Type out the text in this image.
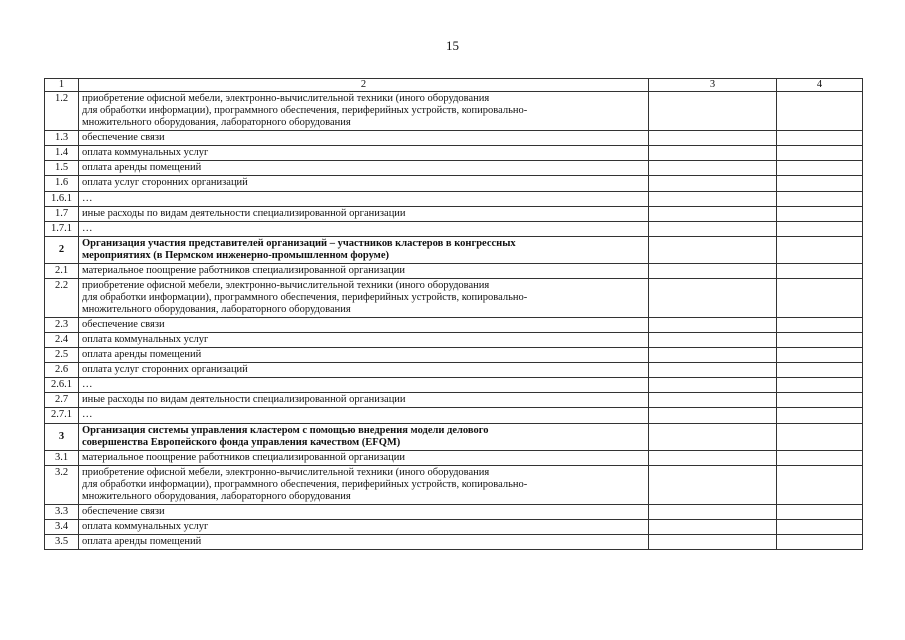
15
1	2	3	4
1.2	приобретение офисной мебели, электронно-вычислительной техники (иного оборудования
для обработки информации), программного обеспечения, периферийных устройств, копировально-
множительного оборудования, лабораторного оборудования		
1.3	обеспечение связи		
1.4	оплата коммунальных услуг		
1.5	оплата аренды помещений		
1.6	оплата услуг сторонних организаций		
1.6.1	…		
1.7	иные расходы по видам деятельности специализированной организации		
1.7.1	…		
2	Организация участия представителей организаций – участников кластеров в конгрессных
мероприятиях (в Пермском инженерно-промышленном форуме)		
2.1	материальное поощрение работников специализированной организации		
2.2	приобретение офисной мебели, электронно-вычислительной техники (иного оборудования
для обработки информации), программного обеспечения, периферийных устройств, копировально-
множительного оборудования, лабораторного оборудования		
2.3	обеспечение связи		
2.4	оплата коммунальных услуг		
2.5	оплата аренды помещений		
2.6	оплата услуг сторонних организаций		
2.6.1	…		
2.7	иные расходы по видам деятельности специализированной организации		
2.7.1	…		
3	Организация системы управления кластером с помощью внедрения модели делового
совершенства Европейского фонда управления качеством (EFQM)		
3.1	материальное поощрение работников специализированной организации		
3.2	приобретение офисной мебели, электронно-вычислительной техники (иного оборудования
для обработки информации), программного обеспечения, периферийных устройств, копировально-
множительного оборудования, лабораторного оборудования		
3.3	обеспечение связи		
3.4	оплата коммунальных услуг		
3.5	оплата аренды помещений		
